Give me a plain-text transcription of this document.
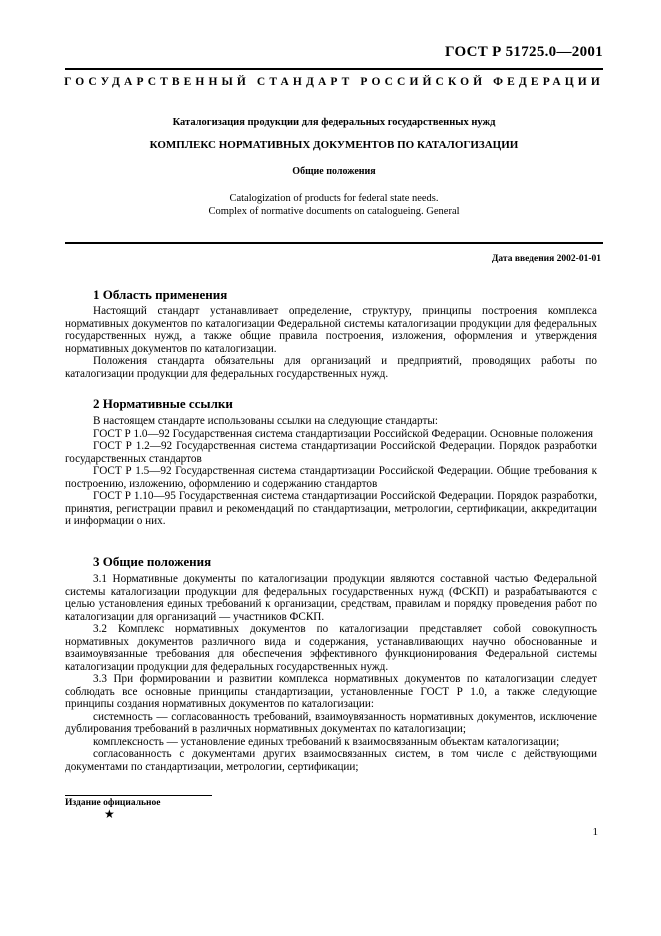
ГОСТ Р 51725.0—2001
ГОСУДАРСТВЕННЫЙ СТАНДАРТ РОССИЙСКОЙ ФЕДЕРАЦИИ
Каталогизация продукции для федеральных государственных нужд
КОМПЛЕКС НОРМАТИВНЫХ ДОКУМЕНТОВ ПО КАТАЛОГИЗАЦИИ
Общие положения
Catalogization of products for federal state needs.
Complex of normative documents on catalogueing. General
Дата введения 2002-01-01
1 Область применения

Настоящий стандарт устанавливает определение, структуру, принципы построения комплекса нормативных документов по каталогизации Федеральной системы каталогизации продукции для федеральных государственных нужд, а также общие правила построения, изложения, оформления и утверждения нормативных документов по каталогизации.

Положения стандарта обязательны для организаций и предприятий, проводящих работы по каталогизации продукции для федеральных государственных нужд.

2 Нормативные ссылки

В настоящем стандарте использованы ссылки на следующие стандарты:

ГОСТ Р 1.0—92 Государственная система стандартизации Российской Федерации. Основные положения

ГОСТ Р 1.2—92 Государственная система стандартизации Российской Федерации. Порядок разработки государственных стандартов

ГОСТ Р 1.5—92 Государственная система стандартизации Российской Федерации. Общие требования к построению, изложению, оформлению и содержанию стандартов

ГОСТ Р 1.10—95 Государственная система стандартизации Российской Федерации. Порядок разработки, принятия, регистрации правил и рекомендаций по стандартизации, метрологии, сертификации, аккредитации и информации о них.

3 Общие положения

3.1 Нормативные документы по каталогизации продукции являются составной частью Федеральной системы каталогизации продукции для федеральных государственных нужд (ФСКП) и разрабатываются с целью установления единых требований к организации, средствам, правилам и порядку проведения работ по каталогизации для организаций — участников ФСКП.

3.2 Комплекс нормативных документов по каталогизации представляет собой совокупность нормативных документов различного вида и содержания, устанавливающих научно обоснованные и взаимоувязанные требования для обеспечения эффективного функционирования Федеральной системы каталогизации продукции для федеральных государственных нужд.

3.3 При формировании и развитии комплекса нормативных документов по каталогизации следует соблюдать все основные принципы стандартизации, установленные ГОСТ Р 1.0, а также следующие принципы создания нормативных документов по каталогизации:

системность — согласованность требований, взаимоувязанность нормативных документов, исключение дублирования требований в различных нормативных документах по каталогизации;

комплексность — установление единых требований к взаимосвязанным объектам каталогизации;

согласованность с документами других взаимосвязанных систем, в том числе с действующими документами по стандартизации, метрологии, сертификации;

Издание официальное
★
1
